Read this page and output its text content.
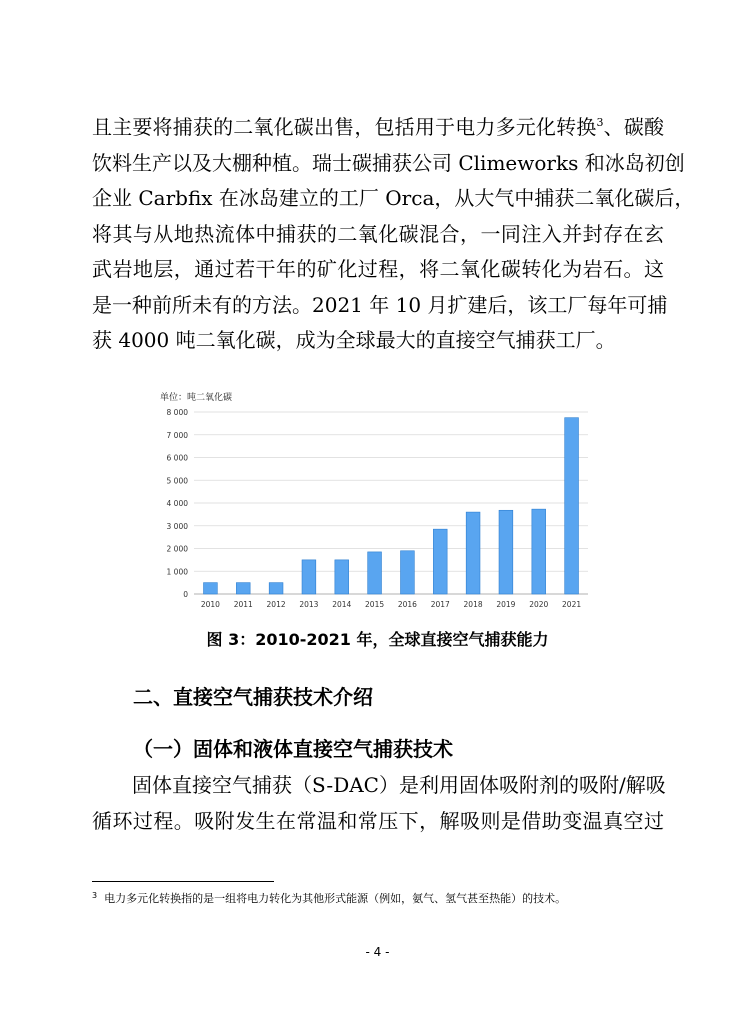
且主要将捕获的二氧化碳出售，包括用于电力多元化转换$^3$、碳酸
饮料生产以及大棚种植。瑞士碳捕获公司 Climeworks 和冰岛初创
企业 Carbfix 在冰岛建立的工厂 Orca，从大气中捕获二氧化碳后，
将其与从地热流体中捕获的二氧化碳混合，一同注入并封存在玄
武岩地层，通过若干年的矿化过程，将二氧化碳转化为岩石。这
是一种前所未有的方法。2021 年 10 月扩建后，该工厂每年可捕
获 4000 吨二氧化碳，成为全球最大的直接空气捕获工厂。
单位：吨二氧化碳
0
1 000
2 000
3 000
4 000
5 000
6 000
7 000
8 000
2010 2011 2012 2013 2014 2015 2016 2017 2018 2019 2020 2021

图 3：2010-2021 年，全球直接空气捕获能力

二、直接空气捕获技术介绍
（一）固体和液体直接空气捕获技术
固体直接空气捕获（S-DAC）是利用固体吸附剂的吸附/解吸
循环过程。吸附发生在常温和常压下，解吸则是借助变温真空过

$^3$ 电力多元化转换指的是一组将电力转化为其他形式能源（例如，氨气、氢气甚至热能）的技术。

- 4 -
